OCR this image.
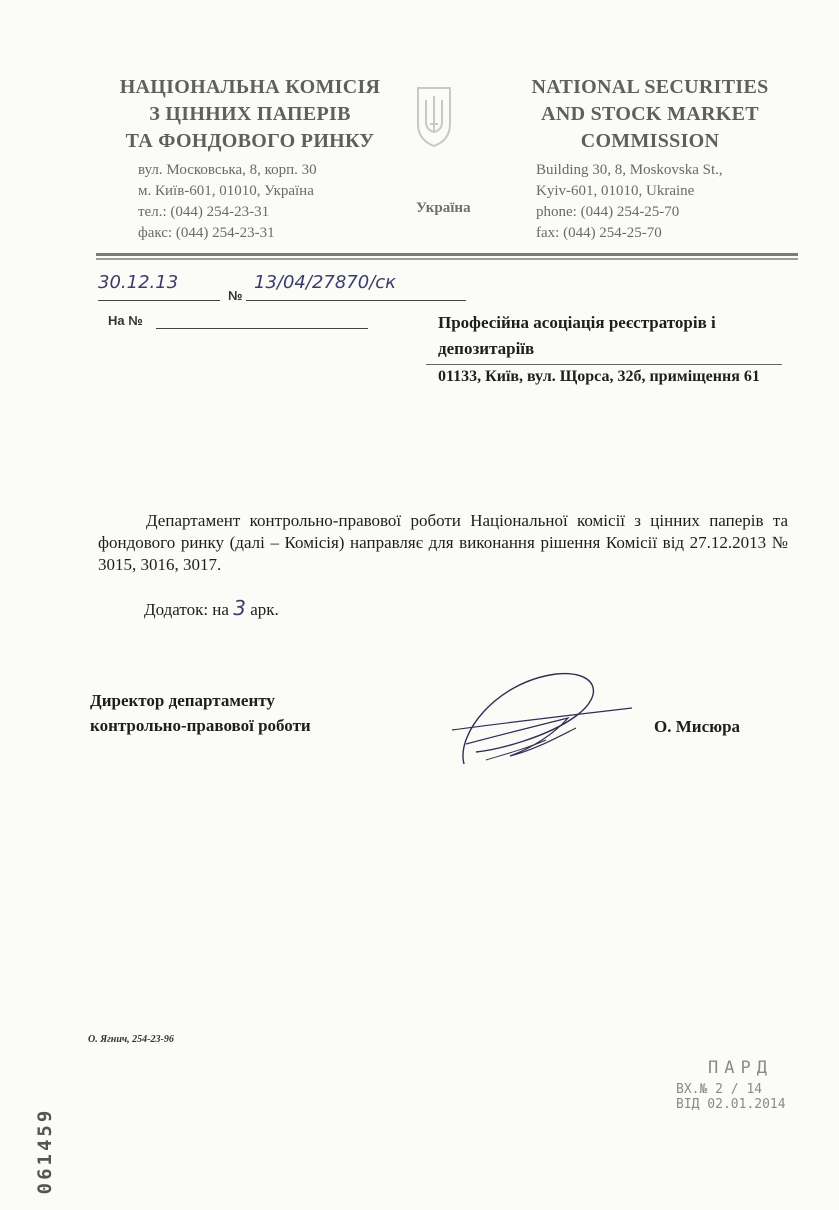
НАЦІОНАЛЬНА КОМІСІЯ
З ЦІННИХ ПАПЕРІВ
ТА ФОНДОВОГО РИНКУ
вул. Московська, 8, корп. 30
м. Київ-601, 01010, Україна
тел.: (044) 254-23-31
факс: (044) 254-23-31
Україна
NATIONAL SECURITIES
AND STOCK MARKET
COMMISSION
Building 30, 8, Moskovska St.,
Kyiv-601, 01010, Ukraine
phone: (044) 254-25-70
fax: (044) 254-25-70
30.12.13
№
13/04/27870/ск
На №	Професійна асоціація реєстраторів і
депозитаріїв
01133, Київ, вул. Щорса, 32б, приміщення 61
Департамент контрольно-правової роботи Національної комісії з цінних паперів та фондового ринку (далі – Комісія) направляє для виконання рішення Комісії від 27.12.2013 № 3015, 3016, 3017.
Додаток: на 3 арк.
Директор департаменту
контрольно-правової роботи	О. Мисюра
061459
О. Ягнич, 254-23-96
ПАРД
ВХ.№ 2 / 14
ВІД 02.01.2014
